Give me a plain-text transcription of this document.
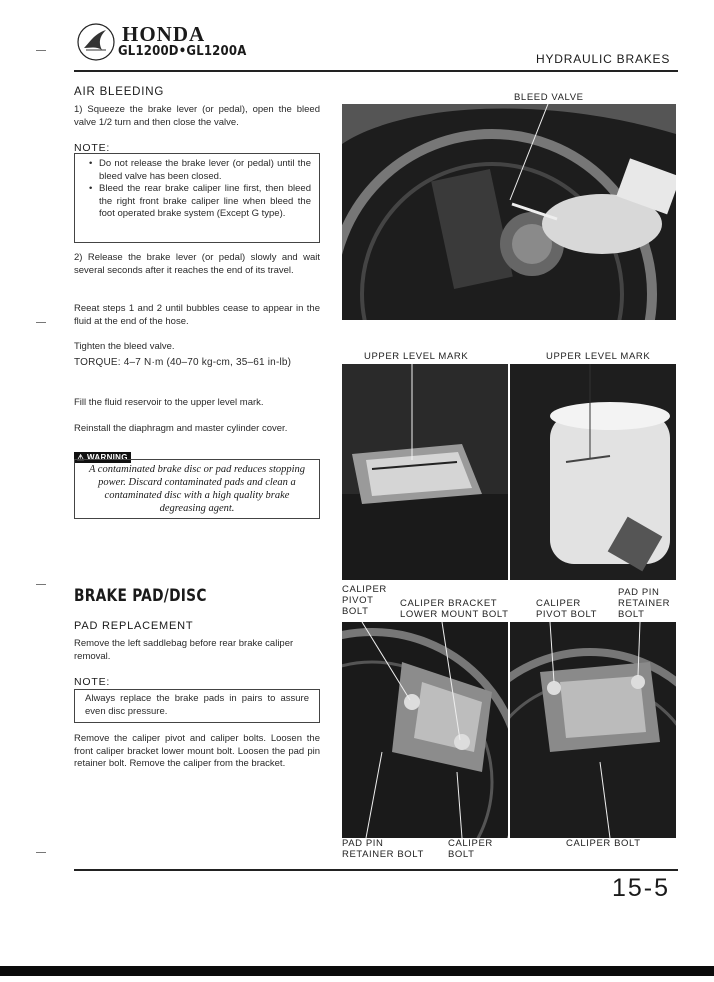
HONDA
GL1200D•GL1200A	HYDRAULIC BRAKES
AIR BLEEDING
1) Squeeze the brake lever (or pedal), open the bleed valve 1/2 turn and then close the valve.
NOTE:
• Do not release the brake lever (or pedal) until the bleed valve has been closed.
• Bleed the rear brake caliper line first, then bleed the right front brake caliper line when bleed the foot operated brake system (Except G type).
2) Release the brake lever (or pedal) slowly and wait several seconds after it reaches the end of its travel.
Reeat steps 1 and 2 until bubbles cease to appear in the fluid at the end of the hose.
Tighten the bleed valve.
TORQUE: 4–7 N·m (40–70 kg-cm, 35–61 in-lb)
Fill the fluid reservoir to the upper level mark.
Reinstall the diaphragm and master cylinder cover.
⚠ WARNING
A contaminated brake disc or pad reduces stopping power. Discard contaminated pads and clean a contaminated disc with a high quality brake degreasing agent.
BRAKE PAD/DISC
PAD REPLACEMENT
Remove the left saddlebag before rear brake caliper removal.
NOTE:
Always replace the brake pads in pairs to assure even disc pressure.
Remove the caliper pivot and caliper bolts. Loosen the front caliper bracket lower mount bolt. Loosen the pad pin retainer bolt. Remove the caliper from the bracket.
BLEED VALVE
UPPER LEVEL MARK	UPPER LEVEL MARK
CALIPER
PIVOT
BOLT
CALIPER BRACKET
LOWER MOUNT BOLT
CALIPER
PIVOT BOLT
PAD PIN
RETAINER
BOLT
PAD PIN
RETAINER BOLT
CALIPER
BOLT
CALIPER BOLT
15-5
